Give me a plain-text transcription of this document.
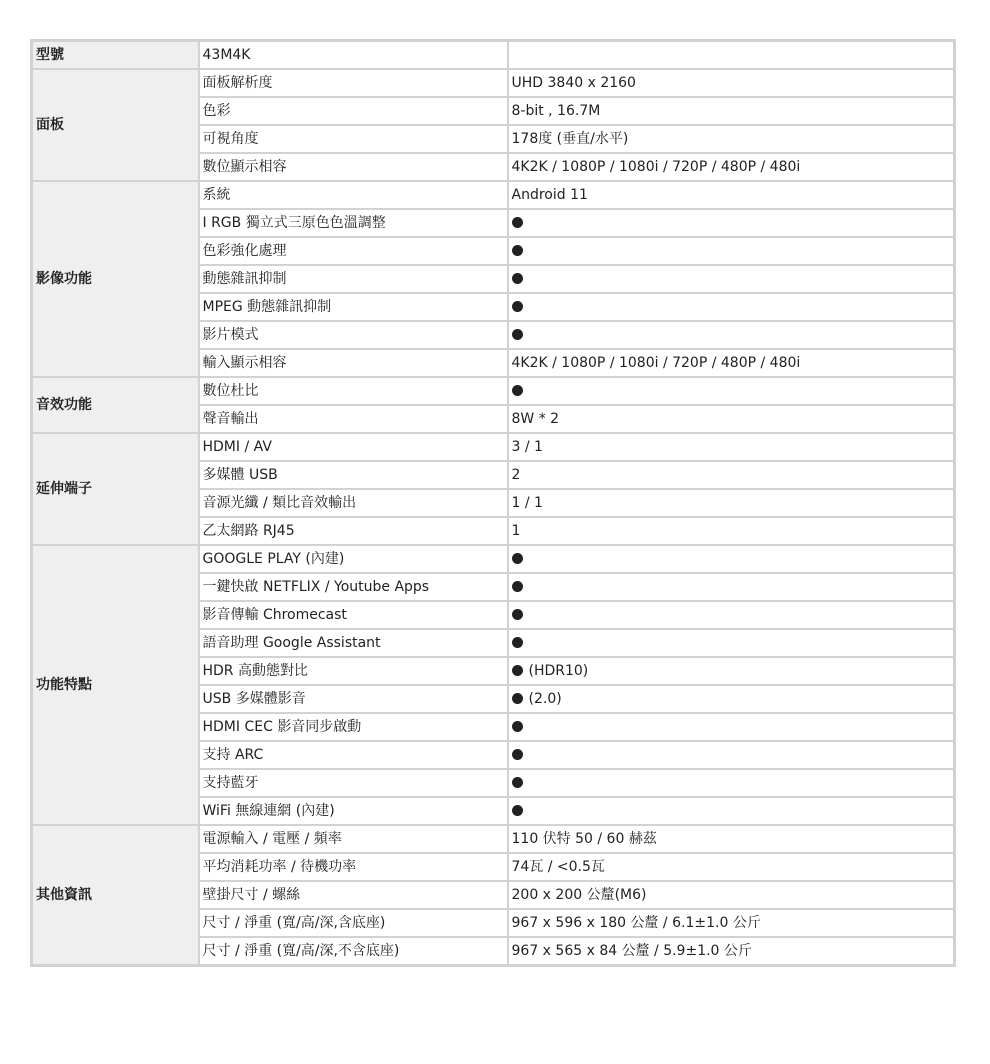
型號	43M4K	
面板	面板解析度	UHD 3840 x 2160
	色彩	8-bit , 16.7M
	可視角度	178度 (垂直/水平)
	數位顯示相容	4K2K / 1080P / 1080i / 720P / 480P / 480i
影像功能	系統	Android 11
	I RGB 獨立式三原色色溫調整	
	色彩強化處理	
	動態雜訊抑制	
	MPEG 動態雜訊抑制	
	影片模式	
	輸入顯示相容	4K2K / 1080P / 1080i / 720P / 480P / 480i
音效功能	數位杜比	
	聲音輸出	8W * 2
延伸端子	HDMI / AV	3 / 1
	多媒體 USB	2
	音源光纖 / 類比音效輸出	1 / 1
	乙太網路 RJ45	1
功能特點	GOOGLE PLAY (內建)	
	一鍵快啟 NETFLIX / Youtube Apps	
	影音傳輸 Chromecast	
	語音助理 Google Assistant	
	HDR 高動態對比	(HDR10)
	USB 多媒體影音	(2.0)
	HDMI CEC 影音同步啟動	
	支持 ARC	
	支持藍牙	
	WiFi 無線連網 (內建)	
其他資訊	電源輸入 / 電壓 / 頻率	110 伏特 50 / 60 赫茲
	平均消耗功率 / 待機功率	74瓦 / <0.5瓦
	壁掛尺寸 / 螺絲	200 x 200 公釐(M6)
	尺寸 / 淨重 (寬/高/深,含底座)	967 x 596 x 180 公釐 / 6.1±1.0 公斤
	尺寸 / 淨重 (寬/高/深,不含底座)	967 x 565 x 84 公釐 / 5.9±1.0 公斤
